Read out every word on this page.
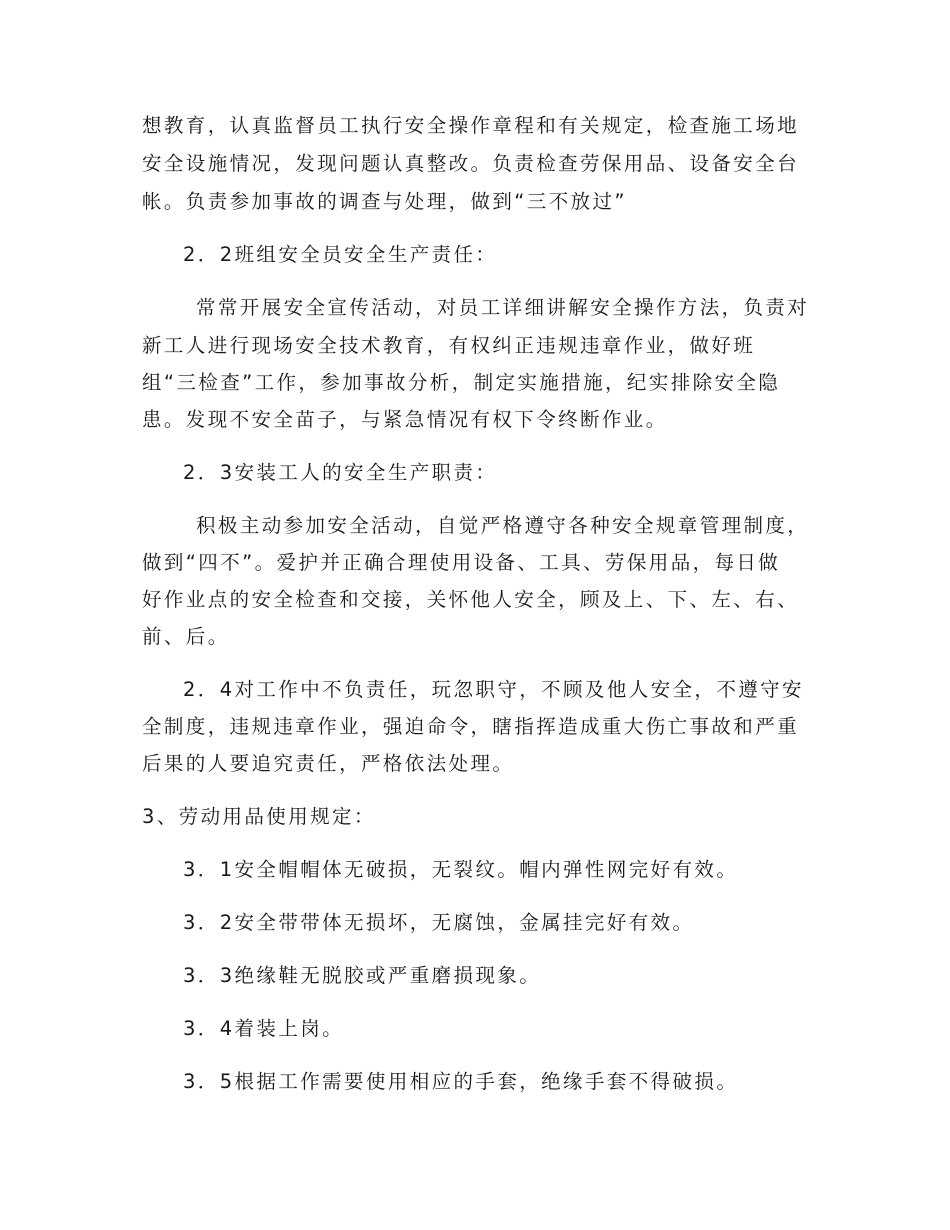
想教育，认真监督员工执行安全操作章程和有关规定，检查施工场地
安全设施情况，发现问题认真整改。负责检查劳保用品、设备安全台
帐。负责参加事故的调查与处理，做到“三不放过”
2．2班组安全员安全生产责任：
常常开展安全宣传活动，对员工详细讲解安全操作方法，负责对
新工人进行现场安全技术教育，有权纠正违规违章作业，做好班
组“三检查”工作，参加事故分析，制定实施措施，纪实排除安全隐
患。发现不安全苗子，与紧急情况有权下令终断作业。
2．3安装工人的安全生产职责：
积极主动参加安全活动，自觉严格遵守各种安全规章管理制度，
做到“四不”。爱护并正确合理使用设备、工具、劳保用品，每日做
好作业点的安全检查和交接，关怀他人安全，顾及上、下、左、右、
前、后。
2．4对工作中不负责任，玩忽职守，不顾及他人安全，不遵守安
全制度，违规违章作业，强迫命令，瞎指挥造成重大伤亡事故和严重
后果的人要追究责任，严格依法处理。
3、劳动用品使用规定：
3．1安全帽帽体无破损，无裂纹。帽内弹性网完好有效。
3．2安全带带体无损坏，无腐蚀，金属挂完好有效。
3．3绝缘鞋无脱胶或严重磨损现象。
3．4着装上岗。
3．5根据工作需要使用相应的手套，绝缘手套不得破损。
